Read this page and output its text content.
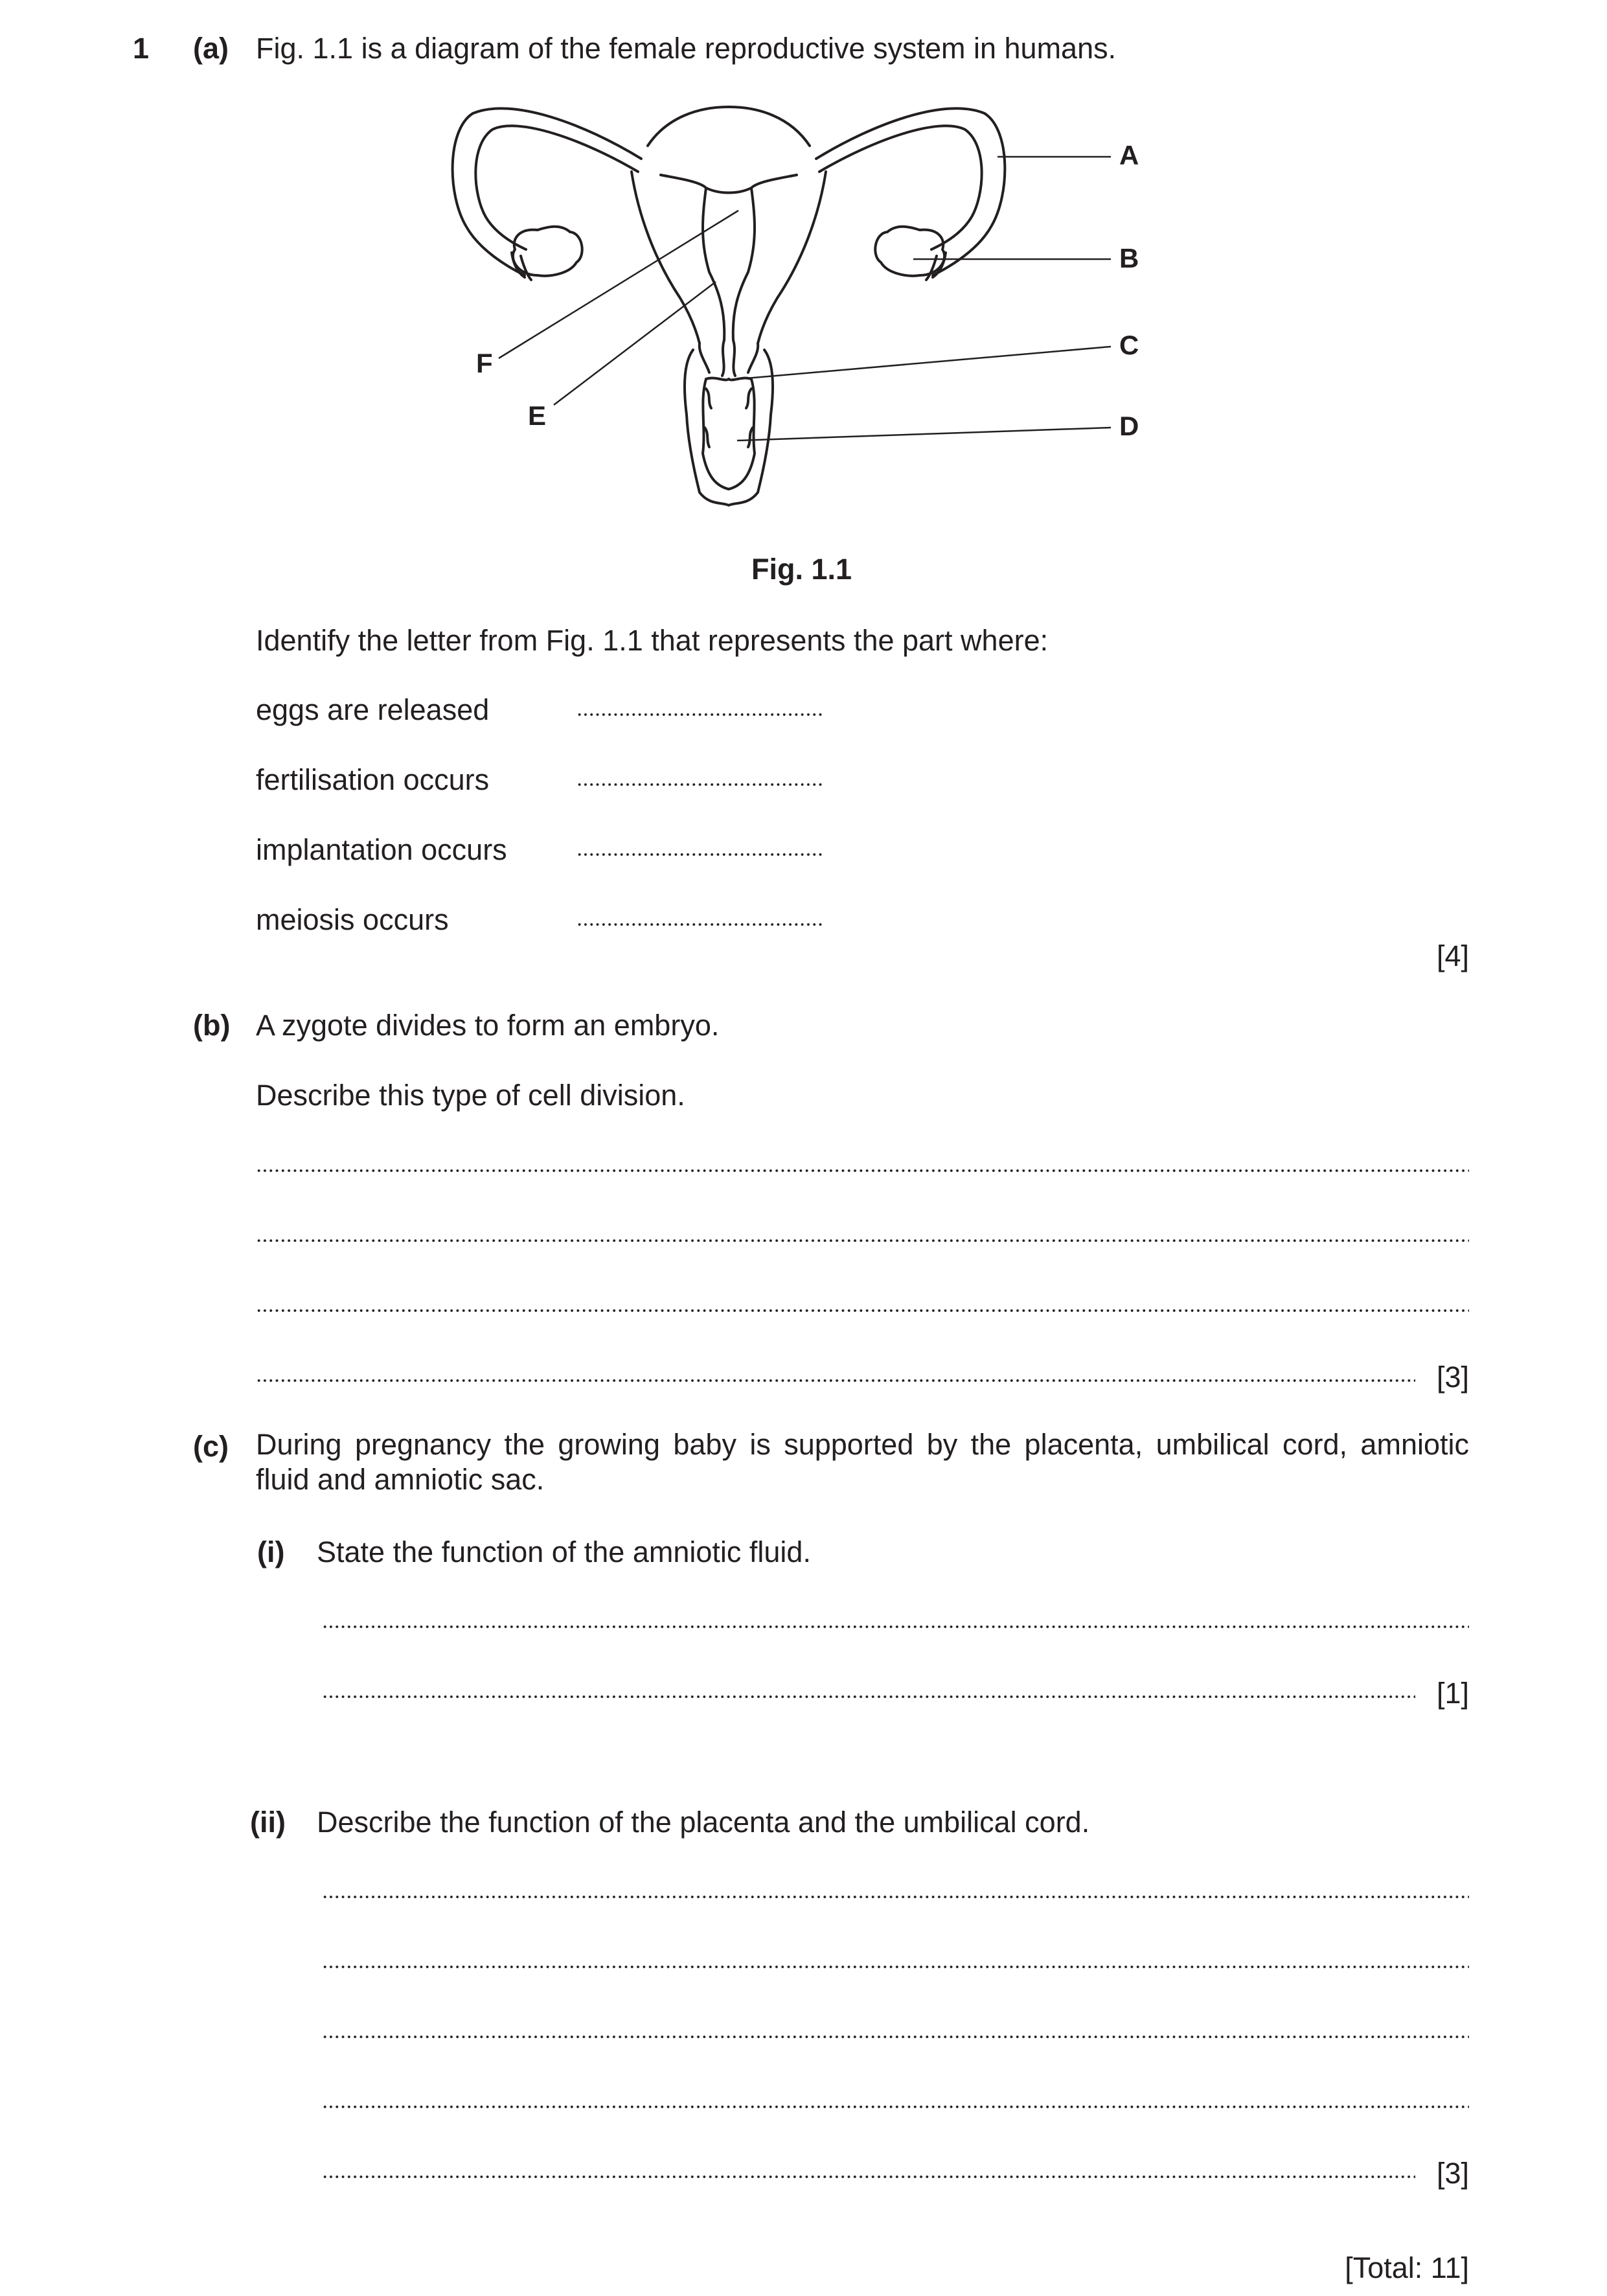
1 (a) Fig. 1.1 is a diagram of the female reproductive system in humans.
A
B
C
D
E
F
Fig. 1.1
Identify the letter from Fig. 1.1 that represents the part where:
eggs are released
fertilisation occurs
implantation occurs
meiosis occurs
[4]
(b) A zygote divides to form an embryo.
Describe this type of cell division.
[3]
(c) During pregnancy the growing baby is supported by the placenta, umbilical cord, amniotic fluid and amniotic sac.
(i) State the function of the amniotic fluid.
[1]
(ii) Describe the function of the placenta and the umbilical cord.
[3]
[Total: 11]
